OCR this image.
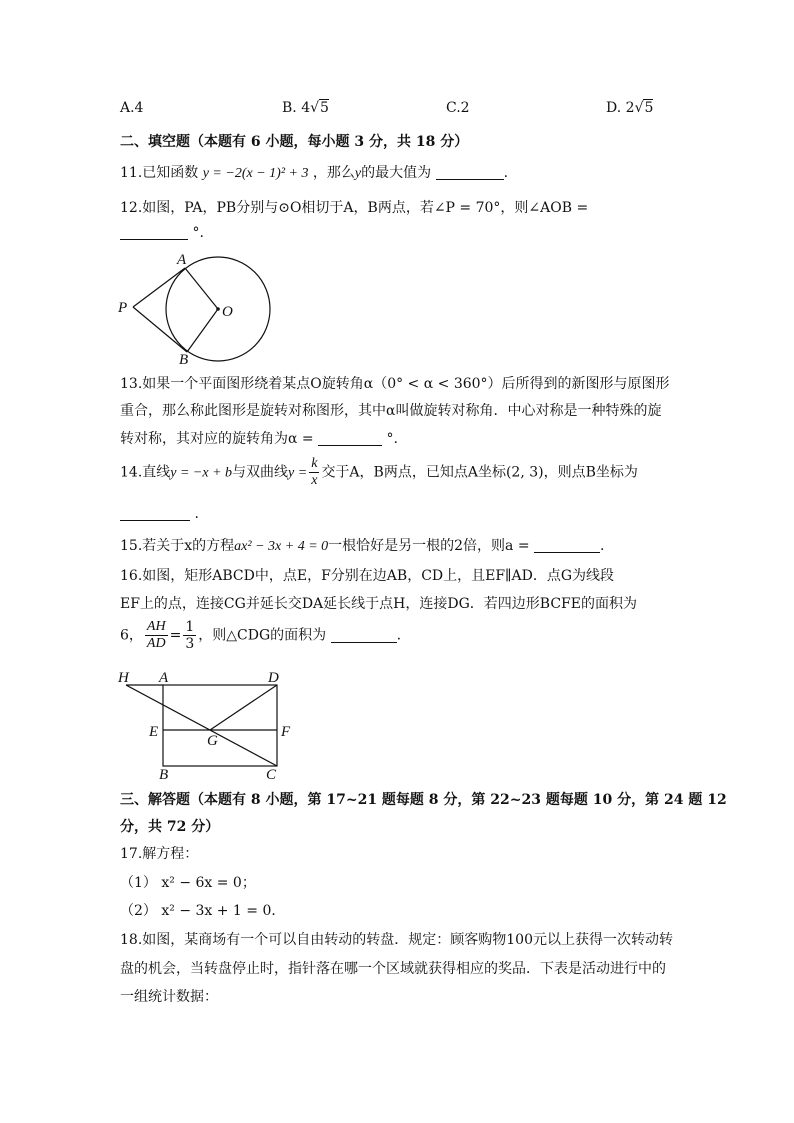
A.4	B. 4√5	C.2	D. 2√5
二、填空题（本题有 6 小题，每小题 3 分，共 18 分）
11.已知函数 y = −2(x − 1)² + 3 ，那么y的最大值为	.
12.如图，PA，PB分别与⊙O相切于A，B两点，若∠P = 70°，则∠AOB =
°.
A
P	O
B
13.如果一个平面图形绕着某点O旋转角α（0° < α < 360°）后所得到的新图形与原图形
重合，那么称此图形是旋转对称图形，其中α叫做旋转对称角．中心对称是一种特殊的旋
转对称，其对应的旋转角为α =	°.
14.直线y = −x + b与双曲线$y = \frac{k}{x}$ 交于A，B两点，已知点A坐标(2, 3)，则点B坐标为
.
15.若关于x的方程ax² − 3x + 4 = 0一根恰好是另一根的2倍，则a =	.
16.如图，矩形ABCD中，点E，F分别在边AB，CD上，且EF∥AD．点G为线段
EF上的点，连接CG并延长交DA延长线于点H，连接DG．若四边形BCFE的面积为
6， $\frac{AH}{AD} = \frac{1}{3}$ ，则△CDG的面积为	.
H A	D
E
G
F
B	C
三、解答题（本题有 8 小题，第 17~21 题每题 8 分，第 22~23 题每题 10 分，第 24 题 12
分，共 72 分）
17.解方程：
（1） x² − 6x = 0；
（2） x² − 3x + 1 = 0．
18.如图，某商场有一个可以自由转动的转盘．规定：顾客购物100元以上获得一次转动转
盘的机会，当转盘停止时，指针落在哪一个区域就获得相应的奖品．下表是活动进行中的
一组统计数据：
